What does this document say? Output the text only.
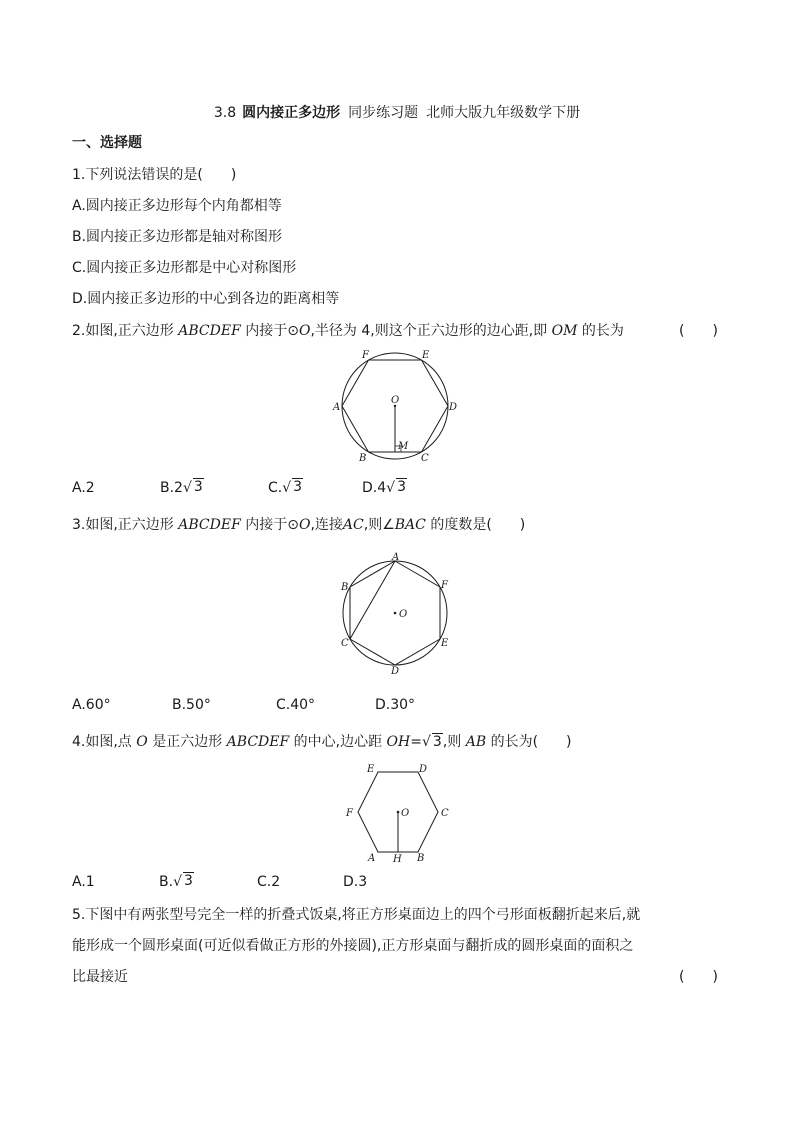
3.8 圆内接正多边形 同步练习题 北师大版九年级数学下册
一、选择题
1.下列说法错误的是(　　)
A.圆内接正多边形每个内角都相等
B.圆内接正多边形都是轴对称图形
C.圆内接正多边形都是中心对称图形
D.圆内接正多边形的中心到各边的距离相等
2.如图,正六边形 ABCDEF 内接于⊙O,半径为 4,则这个正六边形的边心距,即 OM 的长为	(　　)
F	E
A	D
O
M
B	C
A.2	B.2√ 3	C.√ 3	D.4√ 3
3.如图,正六边形 ABCDEF 内接于⊙O,连接AC,则∠BAC 的度数是(　　)
A
B	F
O
C	E
D
A.60°	B.50°	C.40°	D.30°
4.如图,点 O 是正六边形 ABCDEF 的中心,边心距 OH=√ 3,则 AB 的长为(　　)
E	D
F	O	C
A H B
A.1	B.√ 3	C.2	D.3
5.下图中有两张型号完全一样的折叠式饭桌,将正方形桌面边上的四个弓形面板翻折起来后,就
能形成一个圆形桌面(可近似看做正方形的外接圆),正方形桌面与翻折成的圆形桌面的面积之
比最接近	(　　)
